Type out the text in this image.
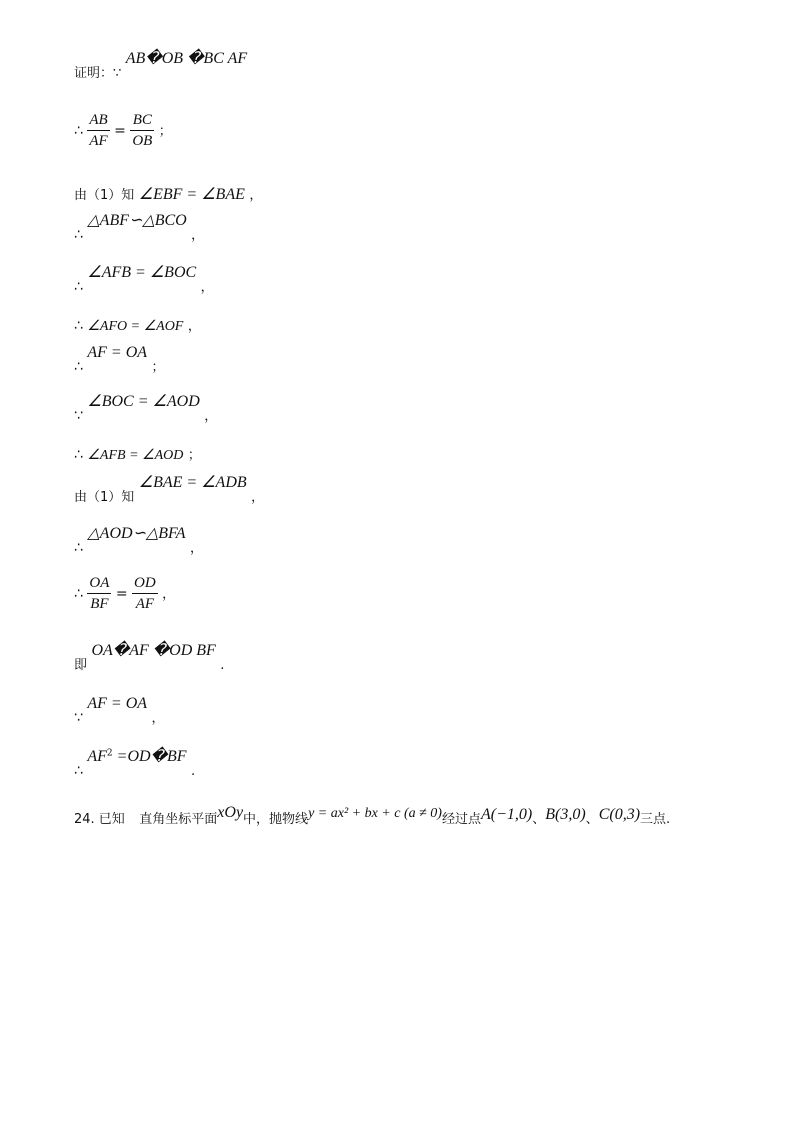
证明：∵ AB�OB �BC AF
∴ $\frac{AB}{AF} = \frac{BC}{OB}$ ；
由（1）知 ∠EBF = ∠BAE ，
∴ △ABF∽△BCO ，
∴ ∠AFB = ∠BOC ，
∴ ∠AFO = ∠AOF ，
∴ AF = OA ；
∵ ∠BOC = ∠AOD ，
∴ ∠AFB = ∠AOD ；
由（1）知 ∠BAE = ∠ADB ，
∴ △AOD∽△BFA ，
∴ $\frac{OA}{BF} = \frac{OD}{AF}$ ，
即 OA�AF �OD BF .
∵ AF = OA ，
∴ $AF^2$ =OD�BF .
24. 已知 直角坐标平面xOy中，抛物线y = ax² + bx + c (a ≠ 0)经过点A(−1,0)、B(3,0)、C(0,3)三点.
